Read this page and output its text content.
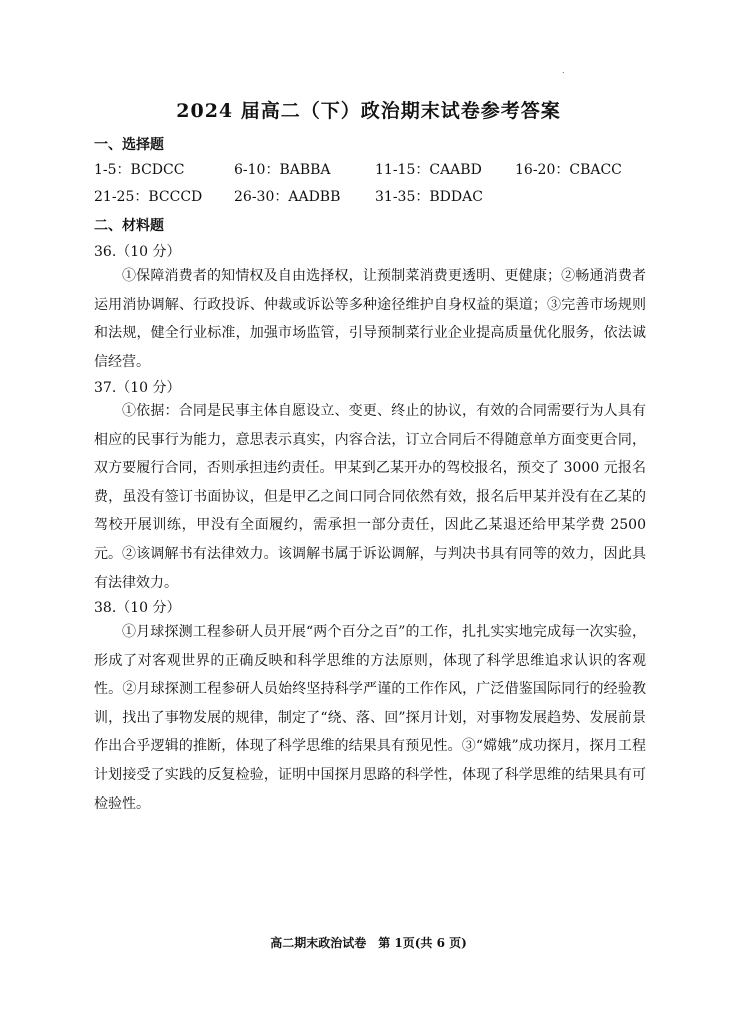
.
2024 届高二（下）政治期末试卷参考答案
一、选择题
1-5：BCDCC	6-10：BABBA	11-15：CAABD 16-20：CBACC
21-25：BCCCD 26-30：AADBB 31-35：BDDAC
二、材料题
36.（10 分）

①保障消费者的知情权及自由选择权，让预制菜消费更透明、更健康；②畅通消费者运用消协调解、行政投诉、仲裁或诉讼等多种途径维护自身权益的渠道；③完善市场规则和法规，健全行业标准，加强市场监管，引导预制菜行业企业提高质量优化服务，依法诚信经营。

37.（10 分）

①依据：合同是民事主体自愿设立、变更、终止的协议，有效的合同需要行为人具有相应的民事行为能力，意思表示真实，内容合法，订立合同后不得随意单方面变更合同，双方要履行合同，否则承担违约责任。甲某到乙某开办的驾校报名，预交了 3000 元报名费，虽没有签订书面协议，但是甲乙之间口同合同依然有效，报名后甲某并没有在乙某的驾校开展训练，甲没有全面履约，需承担一部分责任，因此乙某退还给甲某学费 2500 元。 ②该调解书有法律效力。该调解书属于诉讼调解，与判决书具有同等的效力，因此具有法律效力。

38.（10 分）

①月球探测工程参研人员开展“两个百分之百”的工作，扎扎实实地完成每一次实验，形成了对客观世界的正确反映和科学思维的方法原则，体现了科学思维追求认识的客观性。②月球探测工程参研人员始终坚持科学严谨的工作作风，广泛借鉴国际同行的经验教训，找出了事物发展的规律，制定了“绕、落、回”探月计划，对事物发展趋势、发展前景作出合乎逻辑的推断，体现了科学思维的结果具有预见性。③“嫦娥”成功探月，探月工程计划接受了实践的反复检验，证明中国探月思路的科学性，体现了科学思维的结果具有可检验性。

高二期末政治试卷　第 1页(共 6 页)
